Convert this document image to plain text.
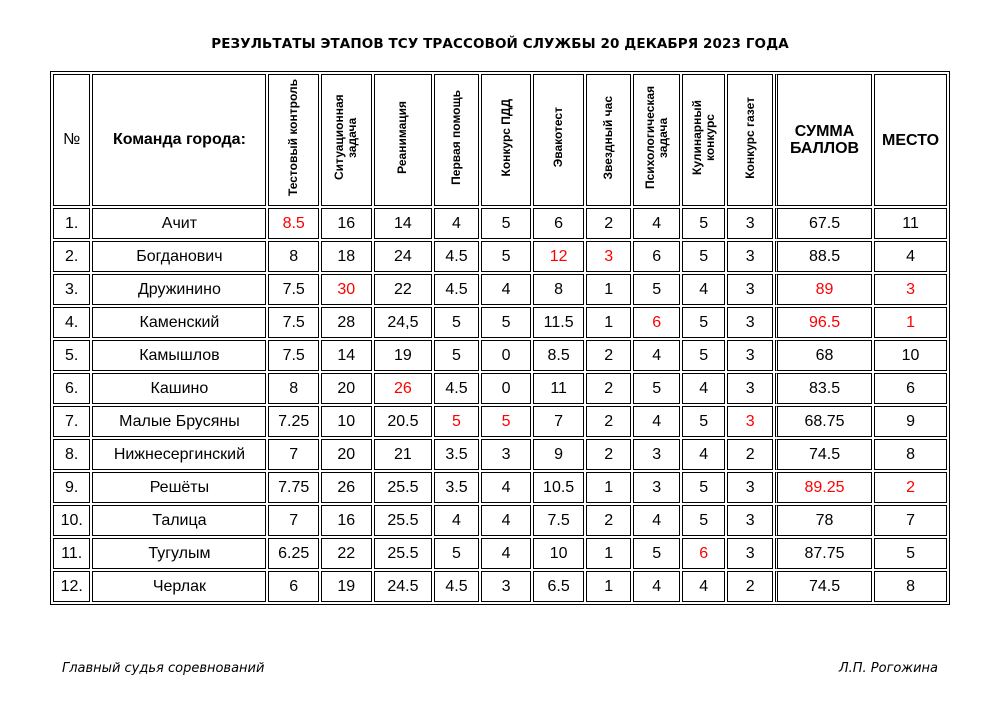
РЕЗУЛЬТАТЫ ЭТАПОВ ТСУ ТРАССОВОЙ СЛУЖБЫ 20 ДЕКАБРЯ 2023 ГОДА
№	Команда города:	Тестовый контроль	Ситуационная задача	Реанимация	Первая помощь	Конкурс ПДД	Эвакотест	Звездный час	Психологическая задача	Кулинарный конкурс	Конкурс газет	СУММА БАЛЛОВ	МЕСТО
1.	Ачит	8.5	16	14	4	5	6	2	4	5	3	67.5	11
2.	Богданович	8	18	24	4.5	5	12	3	6	5	3	88.5	4
3.	Дружинино	7.5	30	22	4.5	4	8	1	5	4	3	89	3
4.	Каменский	7.5	28	24,5	5	5	11.5	1	6	5	3	96.5	1
5.	Камышлов	7.5	14	19	5	0	8.5	2	4	5	3	68	10
6.	Кашино	8	20	26	4.5	0	11	2	5	4	3	83.5	6
7.	Малые Брусяны	7.25	10	20.5	5	5	7	2	4	5	3	68.75	9
8.	Нижнесергинский	7	20	21	3.5	3	9	2	3	4	2	74.5	8
9.	Решёты	7.75	26	25.5	3.5	4	10.5	1	3	5	3	89.25	2
10.	Талица	7	16	25.5	4	4	7.5	2	4	5	3	78	7
11.	Тугулым	6.25	22	25.5	5	4	10	1	5	6	3	87.75	5
12.	Черлак	6	19	24.5	4.5	3	6.5	1	4	4	2	74.5	8
Главный судья соревнований	Л.П. Рогожина
